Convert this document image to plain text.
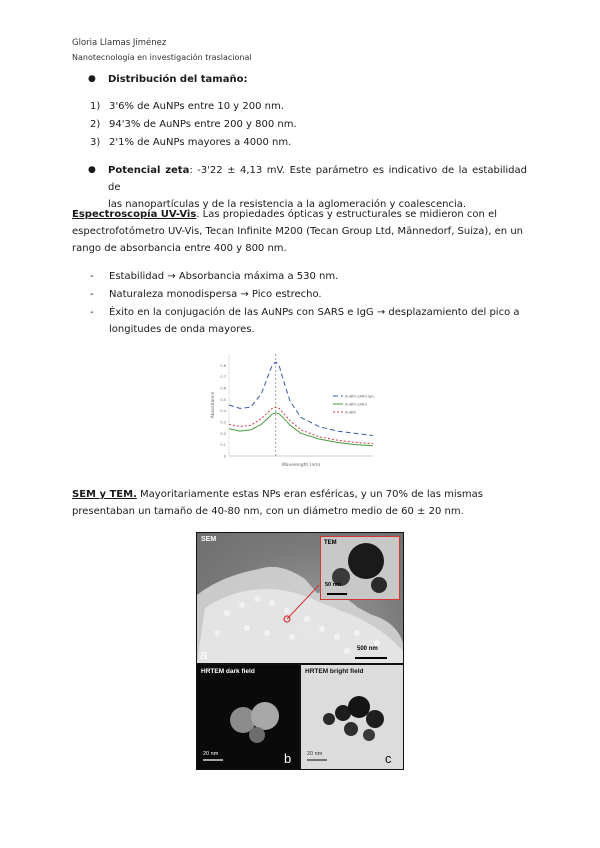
Gloria Llamas Jiménez
Nanotecnología en investigación traslacional
● Distribución del tamaño:
1) 3'6% de AuNPs entre 10 y 200 nm.
2) 94'3% de AuNPs entre 200 y 800 nm.
3) 2'1% de AuNPs mayores a 4000 nm.
● Potencial zeta: -3'22 ± 4,13 mV. Este parámetro es indicativo de la estabilidad de
las nanopartículas y de la resistencia a la aglomeración y coalescencia.
Espectroscopía UV-Vis. Las propiedades ópticas y estructurales se midieron con el
espectrofotómetro UV-Vis, Tecan Infinite M200 (Tecan Group Ltd, Männedorf, Suiza), en un
rango de absorbancia entre 400 y 800 nm.
- Estabilidad → Absorbancia máxima a 530 nm.
- Naturaleza monodispersa → Pico estrecho.
- Éxito en la conjugación de las AuNPs con SARS e IgG → desplazamiento del pico a
longitudes de onda mayores.
0
0.1
0.2
0.3
0.4
0.5
0.6
0.7
0.8
AuNPs-SARS-IgG
AuNPs-SARS
AuNPs
Wavelength (nm)
Absorbance
SEM y TEM. Mayoritariamente estas NPs eran esféricas, y un 70% de las mismas
presentaban un tamaño de 40-80 nm, con un diámetro medio de 60 ± 20 nm.
SEM
500 nm
a
TEM
50 nm
HRTEM dark field
20 nm	b
HRTEM bright field
20 nm	c
